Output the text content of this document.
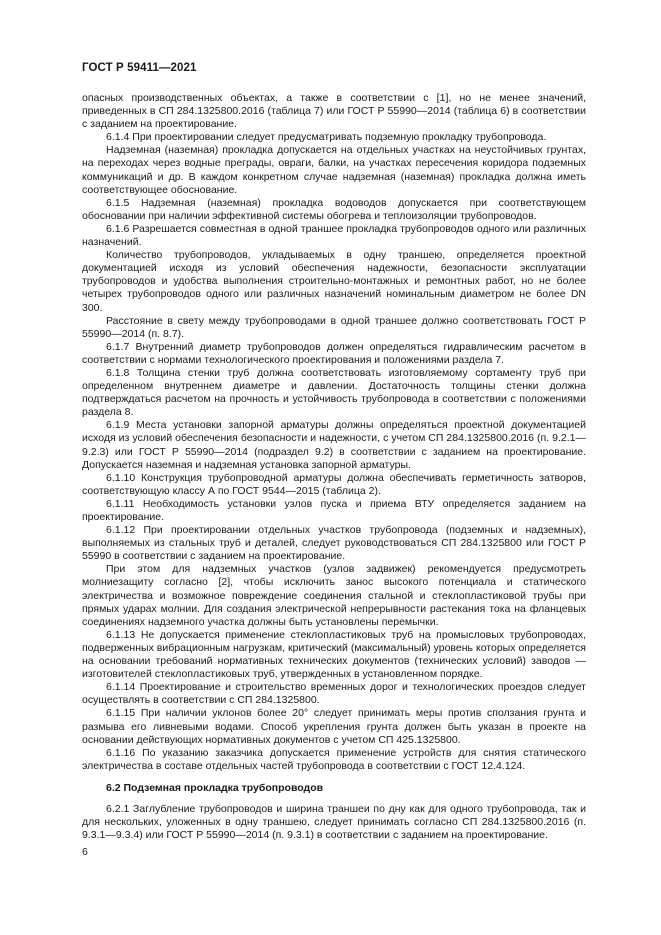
ГОСТ Р 59411—2021

опасных производственных объектах, а также в соответствии с [1], но не менее значений, приведенных в СП 284.1325800.2016 (таблица 7) или ГОСТ Р 55990—2014 (таблица 6) в соответствии с заданием на проектирование.

6.1.4 При проектировании следует предусматривать подземную прокладку трубопровода.

Надземная (наземная) прокладка допускается на отдельных участках на неустойчивых грунтах, на переходах через водные преграды, овраги, балки, на участках пересечения коридора подземных коммуникаций и др. В каждом конкретном случае надземная (наземная) прокладка должна иметь соответствующее обоснование.

6.1.5 Надземная (наземная) прокладка водоводов допускается при соответствующем обосновании при наличии эффективной системы обогрева и теплоизоляции трубопроводов.

6.1.6 Разрешается совместная в одной траншее прокладка трубопроводов одного или различных назначений.

Количество трубопроводов, укладываемых в одну траншею, определяется проектной документацией исходя из условий обеспечения надежности, безопасности эксплуатации трубопроводов и удобства выполнения строительно-монтажных и ремонтных работ, но не более четырех трубопроводов одного или различных назначений номинальным диаметром не более DN 300.

Расстояние в свету между трубопроводами в одной траншее должно соответствовать ГОСТ Р 55990—2014 (п. 8.7).

6.1.7 Внутренний диаметр трубопроводов должен определяться гидравлическим расчетом в соответствии с нормами технологического проектирования и положениями раздела 7.

6.1.8 Толщина стенки труб должна соответствовать изготовляемому сортаменту труб при определенном внутреннем диаметре и давлении. Достаточность толщины стенки должна подтверждаться расчетом на прочность и устойчивость трубопровода в соответствии с положениями раздела 8.

6.1.9 Места установки запорной арматуры должны определяться проектной документацией исходя из условий обеспечения безопасности и надежности, с учетом СП 284.1325800.2016 (п. 9.2.1—9.2.3) или ГОСТ Р 55990—2014 (подраздел 9.2) в соответствии с заданием на проектирование. Допускается наземная и надземная установка запорной арматуры.

6.1.10 Конструкция трубопроводной арматуры должна обеспечивать герметичность затворов, соответствующую классу А по ГОСТ 9544—2015 (таблица 2).

6.1.11 Необходимость установки узлов пуска и приема ВТУ определяется заданием на проектирование.

6.1.12 При проектировании отдельных участков трубопровода (подземных и надземных), выполняемых из стальных труб и деталей, следует руководствоваться СП 284.1325800 или ГОСТ Р 55990 в соответствии с заданием на проектирование.

При этом для надземных участков (узлов задвижек) рекомендуется предусмотреть молниезащиту согласно [2], чтобы исключить занос высокого потенциала и статического электричества и возможное повреждение соединения стальной и стеклопластиковой трубы при прямых ударах молнии. Для создания электрической непрерывности растекания тока на фланцевых соединениях надземного участка должны быть установлены перемычки.

6.1.13 Не допускается применение стеклопластиковых труб на промысловых трубопроводах, подверженных вибрационным нагрузкам, критический (максимальный) уровень которых определяется на основании требований нормативных технических документов (технических условий) заводов — изготовителей стеклопластиковых труб, утвержденных в установленном порядке.

6.1.14 Проектирование и строительство временных дорог и технологических проездов следует осуществлять в соответствии с СП 284.1325800.

6.1.15 При наличии уклонов более 20° следует принимать меры против сползания грунта и размыва его ливневыми водами. Способ укрепления грунта должен быть указан в проекте на основании действующих нормативных документов с учетом СП 425.1325800.

6.1.16 По указанию заказчика допускается применение устройств для снятия статического электричества в составе отдельных частей трубопровода в соответствии с ГОСТ 12.4.124.

6.2 Подземная прокладка трубопроводов

6.2.1 Заглубление трубопроводов и ширина траншеи по дну как для одного трубопровода, так и для нескольких, уложенных в одну траншею, следует принимать согласно СП 284.1325800.2016 (п. 9.3.1—9.3.4) или ГОСТ Р 55990—2014 (п. 9.3.1) в соответствии с заданием на проектирование.

6
